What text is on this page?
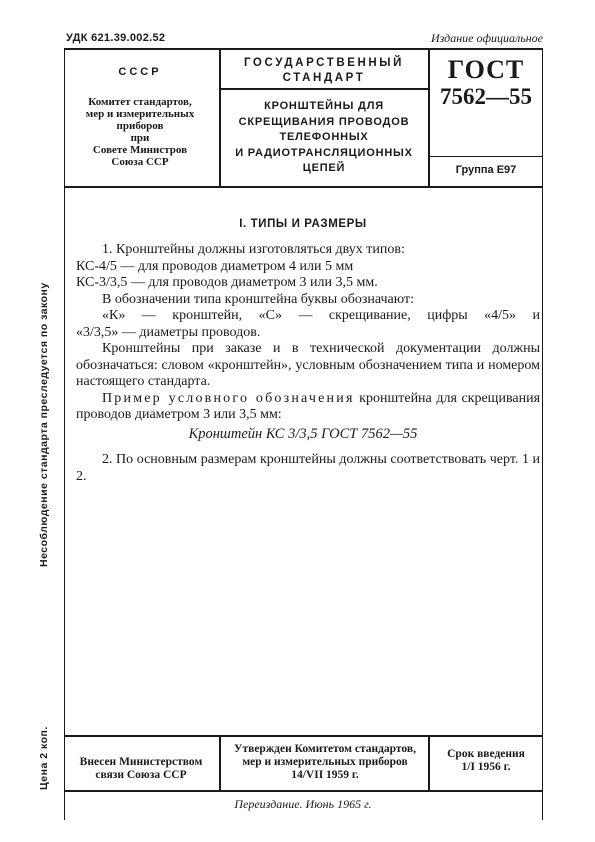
УДК 621.39.002.52	Издание официальное
СССР
Комитет стандартов,
мер и измерительных
приборов
при
Совете Министров
Союза ССР
ГОСУДАРСТВЕННЫЙ
СТАНДАРТ
КРОНШТЕЙНЫ ДЛЯ
СКРЕЩИВАНИЯ ПРОВОДОВ
ТЕЛЕФОННЫХ
И РАДИОТРАНСЛЯЦИОННЫХ
ЦЕПЕЙ
ГОСТ
7562—55
Группа Е97
I. ТИПЫ И РАЗМЕРЫ
1. Кронштейны должны изготовляться двух типов:
КС-4/5 — для проводов диаметром 4 или 5 мм
КС-3/3,5 — для проводов диаметром 3 или 3,5 мм.
В обозначении типа кронштейна буквы обозначают:
«К» — кронштейн, «С» — скрещивание, цифры «4/5» и
«3/3,5» — диаметры проводов.
Кронштейны при заказе и в технической документации должны обозначаться: словом «кронштейн», условным обозначением типа и номером настоящего стандарта.
Пример условного обозначения кронштейна для скрещивания проводов диаметром 3 или 3,5 мм:
Кронштейн КС 3/3,5 ГОСТ 7562—55
2. По основным размерам кронштейны должны соответствовать черт. 1 и 2.
Несоблюдение стандарта преследуется по закону
Цена 2 коп.	Внесен Министерством
связи Союза ССР
Утвержден Комитетом стандартов,
мер и измерительных приборов
14/VII 1959 г.
Срок введения
1/I 1956 г.
Переиздание. Июнь 1965 г.
